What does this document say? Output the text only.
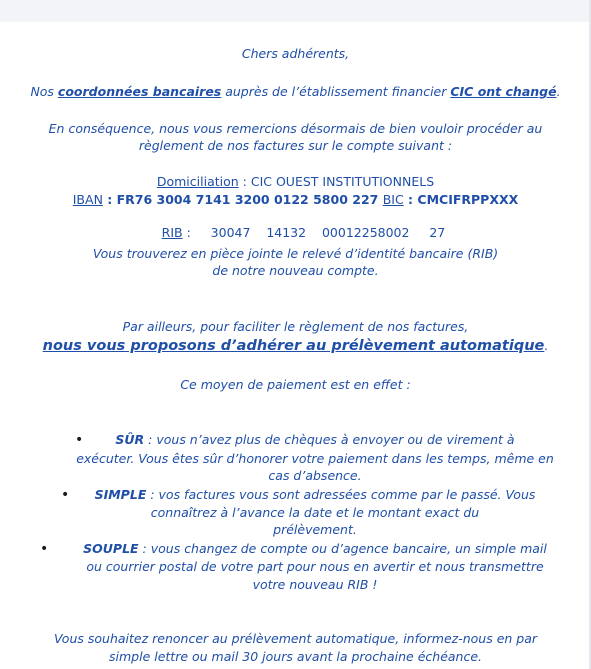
Chers adhérents,
Nos coordonnées bancaires auprès de l’établissement financier CIC ont changé.
En conséquence, nous vous remercions désormais de bien vouloir procéder au
règlement de nos factures sur le compte suivant :
Domiciliation : CIC OUEST INSTITUTIONNELS
IBAN : FR76 3004 7141 3200 0122 5800 227 BIC : CMCIFRPPXXX

RIB :     30047    14132    00012258002     27

Vous trouverez en pièce jointe le relevé d’identité bancaire (RIB)
de notre nouveau compte.
Par ailleurs, pour faciliter le règlement de nos factures,
nous vous proposons d’adhérer au prélèvement automatique.
Ce moyen de paiement est en effet :
•	SÛR : vous n’avez plus de chèques à envoyer ou de virement à
exécuter. Vous êtes sûr d’honorer votre paiement dans les temps, même en
cas d’absence.
•	SIMPLE : vos factures vous sont adressées comme par le passé. Vous
connaîtrez à l’avance la date et le montant exact du
prélèvement.
•	SOUPLE : vous changez de compte ou d’agence bancaire, un simple mail
ou courrier postal de votre part pour nous en avertir et nous transmettre
votre nouveau RIB !
Vous souhaitez renoncer au prélèvement automatique, informez-nous en par
simple lettre ou mail 30 jours avant la prochaine échéance.
